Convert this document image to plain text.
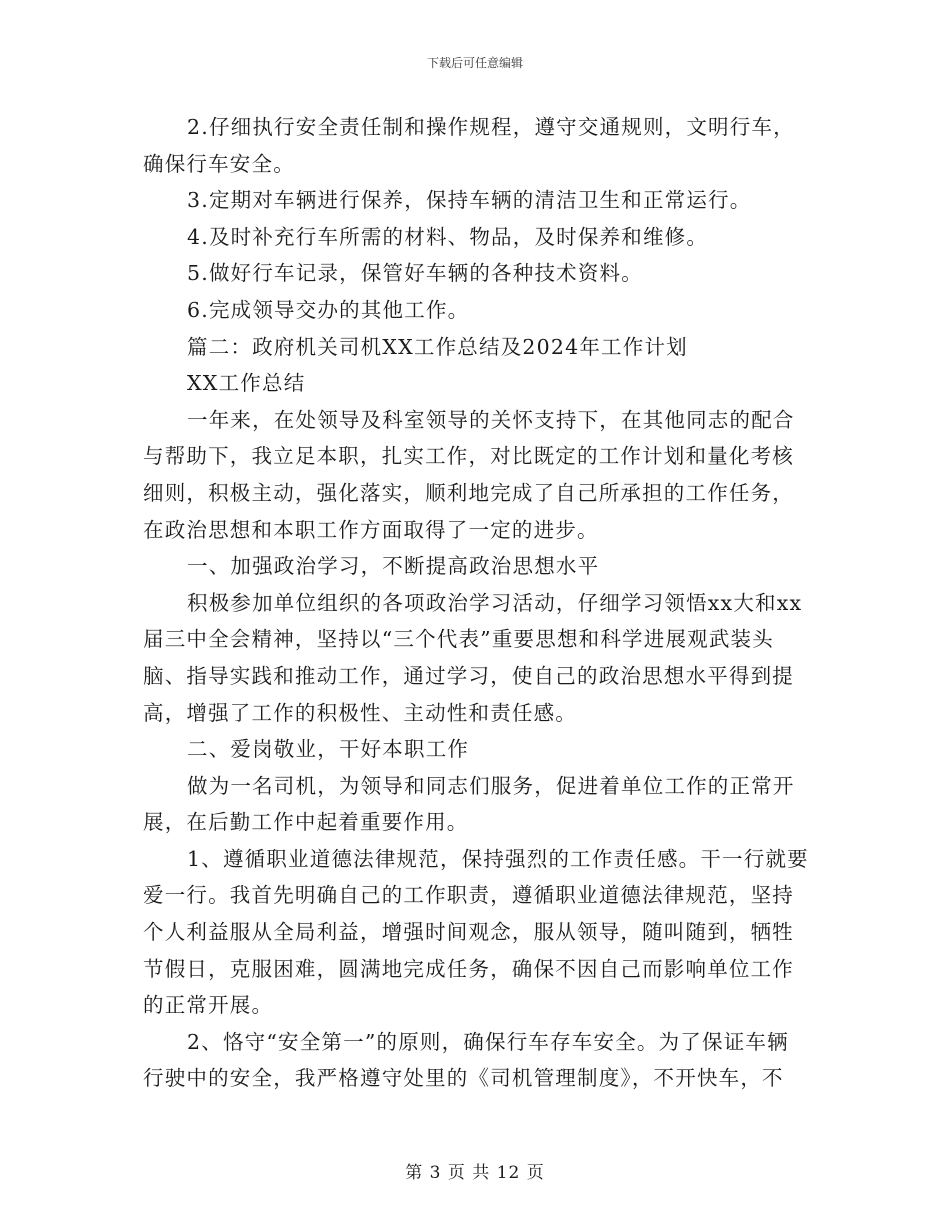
下载后可任意编辑
2.仔细执行安全责任制和操作规程，遵守交通规则，文明行车，
确保行车安全。
3.定期对车辆进行保养，保持车辆的清洁卫生和正常运行。
4.及时补充行车所需的材料、物品，及时保养和维修。
5.做好行车记录，保管好车辆的各种技术资料。
6.完成领导交办的其他工作。
篇二：政府机关司机XX工作总结及2024年工作计划
XX工作总结
一年来，在处领导及科室领导的关怀支持下，在其他同志的配合
与帮助下，我立足本职，扎实工作，对比既定的工作计划和量化考核
细则，积极主动，强化落实，顺利地完成了自己所承担的工作任务，
在政治思想和本职工作方面取得了一定的进步。
一、加强政治学习，不断提高政治思想水平
积极参加单位组织的各项政治学习活动，仔细学习领悟xx大和xx
届三中全会精神，坚持以“三个代表”重要思想和科学进展观武装头
脑、指导实践和推动工作，通过学习，使自己的政治思想水平得到提
高，增强了工作的积极性、主动性和责任感。
二、爱岗敬业，干好本职工作
做为一名司机，为领导和同志们服务，促进着单位工作的正常开
展，在后勤工作中起着重要作用。
1、遵循职业道德法律规范，保持强烈的工作责任感。干一行就要
爱一行。我首先明确自己的工作职责，遵循职业道德法律规范，坚持
个人利益服从全局利益，增强时间观念，服从领导，随叫随到，牺牲
节假日，克服困难，圆满地完成任务，确保不因自己而影响单位工作
的正常开展。
2、恪守“安全第一”的原则，确保行车存车安全。为了保证车辆
行驶中的安全，我严格遵守处里的《司机管理制度》，不开快车，不
第 3 页 共 12 页
